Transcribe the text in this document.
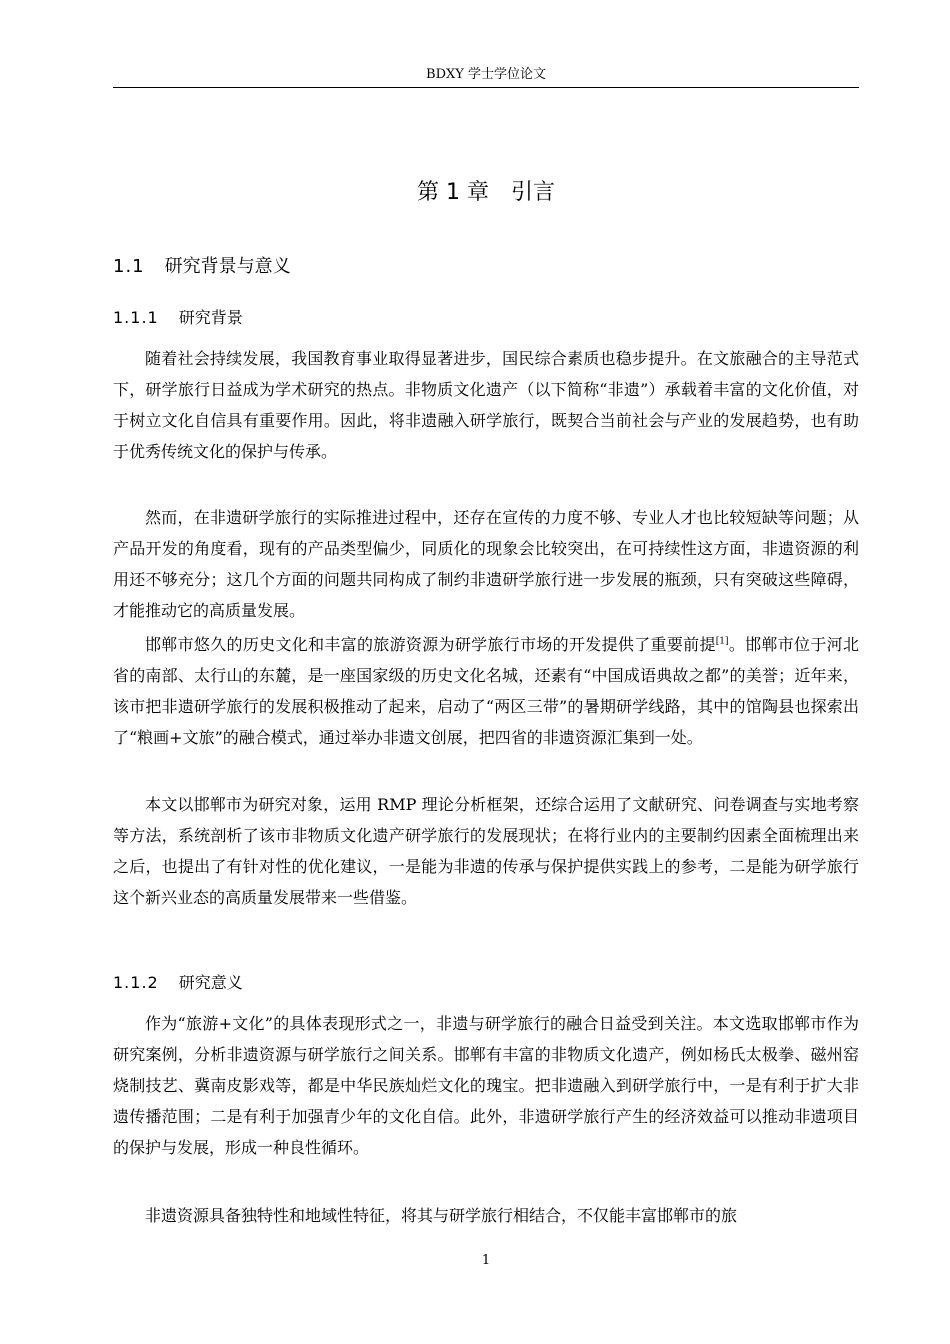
BDXY 学士学位论文
第 1 章　引言
1.1 研究背景与意义
1.1.1 研究背景

随着社会持续发展，我国教育事业取得显著进步，国民综合素质也稳步提升。在文旅融合的主导范式下，研学旅行日益成为学术研究的热点。非物质文化遗产（以下简称“非遗”）承载着丰富的文化价值，对于树立文化自信具有重要作用。因此，将非遗融入研学旅行，既契合当前社会与产业的发展趋势，也有助于优秀传统文化的保护与传承。

然而，在非遗研学旅行的实际推进过程中，还存在宣传的力度不够、专业人才也比较短缺等问题；从产品开发的角度看，现有的产品类型偏少，同质化的现象会比较突出，在可持续性这方面，非遗资源的利用还不够充分；这几个方面的问题共同构成了制约非遗研学旅行进一步发展的瓶颈，只有突破这些障碍，才能推动它的高质量发展。

邯郸市悠久的历史文化和丰富的旅游资源为研学旅行市场的开发提供了重要前提[1]。邯郸市位于河北省的南部、太行山的东麓，是一座国家级的历史文化名城，还素有“中国成语典故之都”的美誉；近年来，该市把非遗研学旅行的发展积极推动了起来，启动了“两区三带”的暑期研学线路，其中的馆陶县也探索出了“粮画+文旅”的融合模式，通过举办非遗文创展，把四省的非遗资源汇集到一处。

本文以邯郸市为研究对象，运用 RMP 理论分析框架，还综合运用了文献研究、问卷调查与实地考察等方法，系统剖析了该市非物质文化遗产研学旅行的发展现状；在将行业内的主要制约因素全面梳理出来之后，也提出了有针对性的优化建议，一是能为非遗的传承与保护提供实践上的参考，二是能为研学旅行这个新兴业态的高质量发展带来一些借鉴。

1.1.2 研究意义

作为“旅游+文化”的具体表现形式之一，非遗与研学旅行的融合日益受到关注。本文选取邯郸市作为研究案例，分析非遗资源与研学旅行之间关系。邯郸有丰富的非物质文化遗产，例如杨氏太极拳、磁州窑烧制技艺、冀南皮影戏等，都是中华民族灿烂文化的瑰宝。把非遗融入到研学旅行中，一是有利于扩大非遗传播范围；二是有利于加强青少年的文化自信。此外，非遗研学旅行产生的经济效益可以推动非遗项目的保护与发展，形成一种良性循环。

非遗资源具备独特性和地域性特征，将其与研学旅行相结合，不仅能丰富邯郸市的旅

1
